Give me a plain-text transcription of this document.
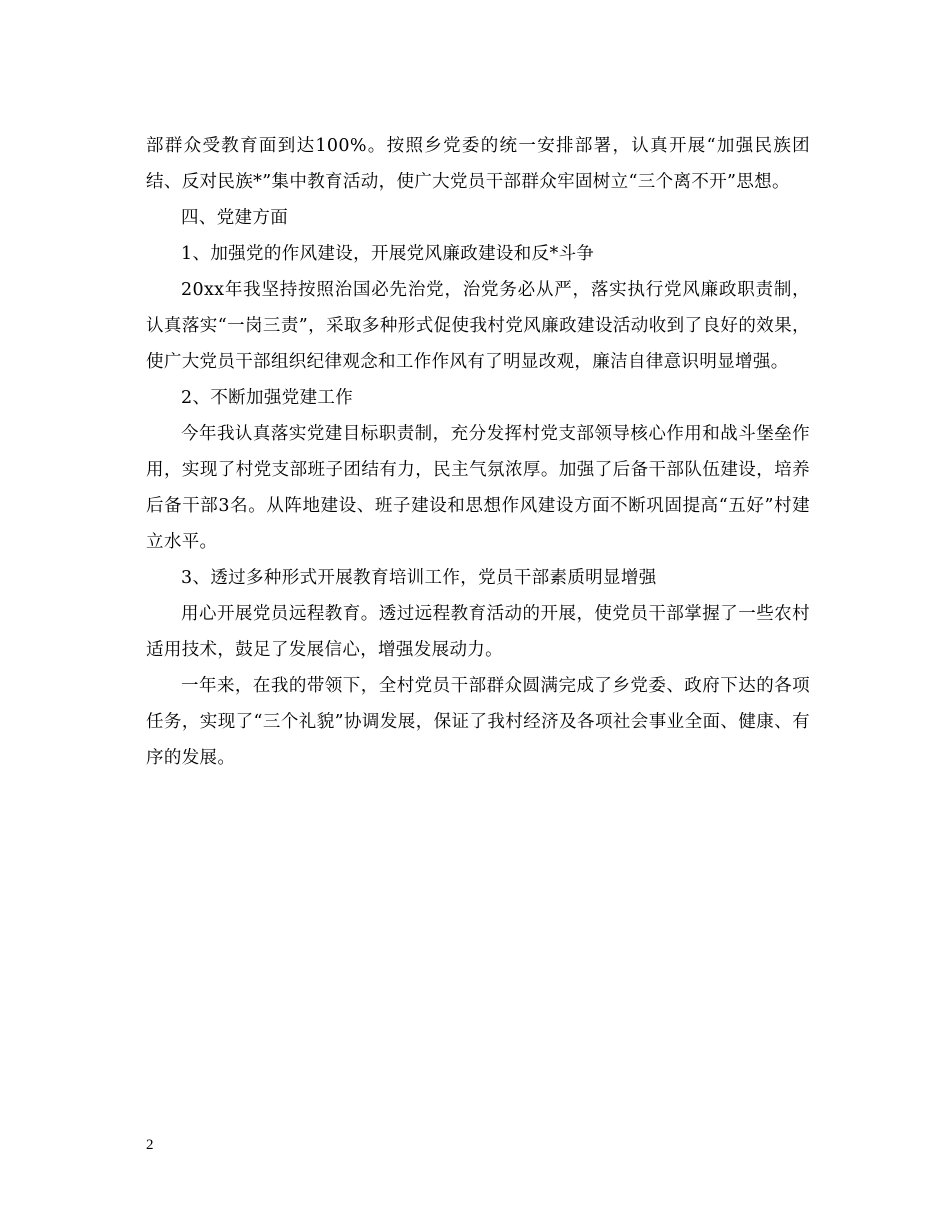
部群众受教育面到达100%。按照乡党委的统一安排部署，认真开展“加强民族团结、反对民族*”集中教育活动，使广大党员干部群众牢固树立“三个离不开”思想。

四、党建方面

1、加强党的作风建设，开展党风廉政建设和反*斗争

20xx年我坚持按照治国必先治党，治党务必从严，落实执行党风廉政职责制，认真落实“一岗三责”，采取多种形式促使我村党风廉政建设活动收到了良好的效果，使广大党员干部组织纪律观念和工作作风有了明显改观，廉洁自律意识明显增强。

2、不断加强党建工作

今年我认真落实党建目标职责制，充分发挥村党支部领导核心作用和战斗堡垒作用，实现了村党支部班子团结有力，民主气氛浓厚。加强了后备干部队伍建设，培养后备干部3名。从阵地建设、班子建设和思想作风建设方面不断巩固提高“五好”村建立水平。

3、透过多种形式开展教育培训工作，党员干部素质明显增强

用心开展党员远程教育。透过远程教育活动的开展，使党员干部掌握了一些农村适用技术，鼓足了发展信心，增强发展动力。

一年来，在我的带领下，全村党员干部群众圆满完成了乡党委、政府下达的各项任务，实现了“三个礼貌”协调发展，保证了我村经济及各项社会事业全面、健康、有序的发展。

2
